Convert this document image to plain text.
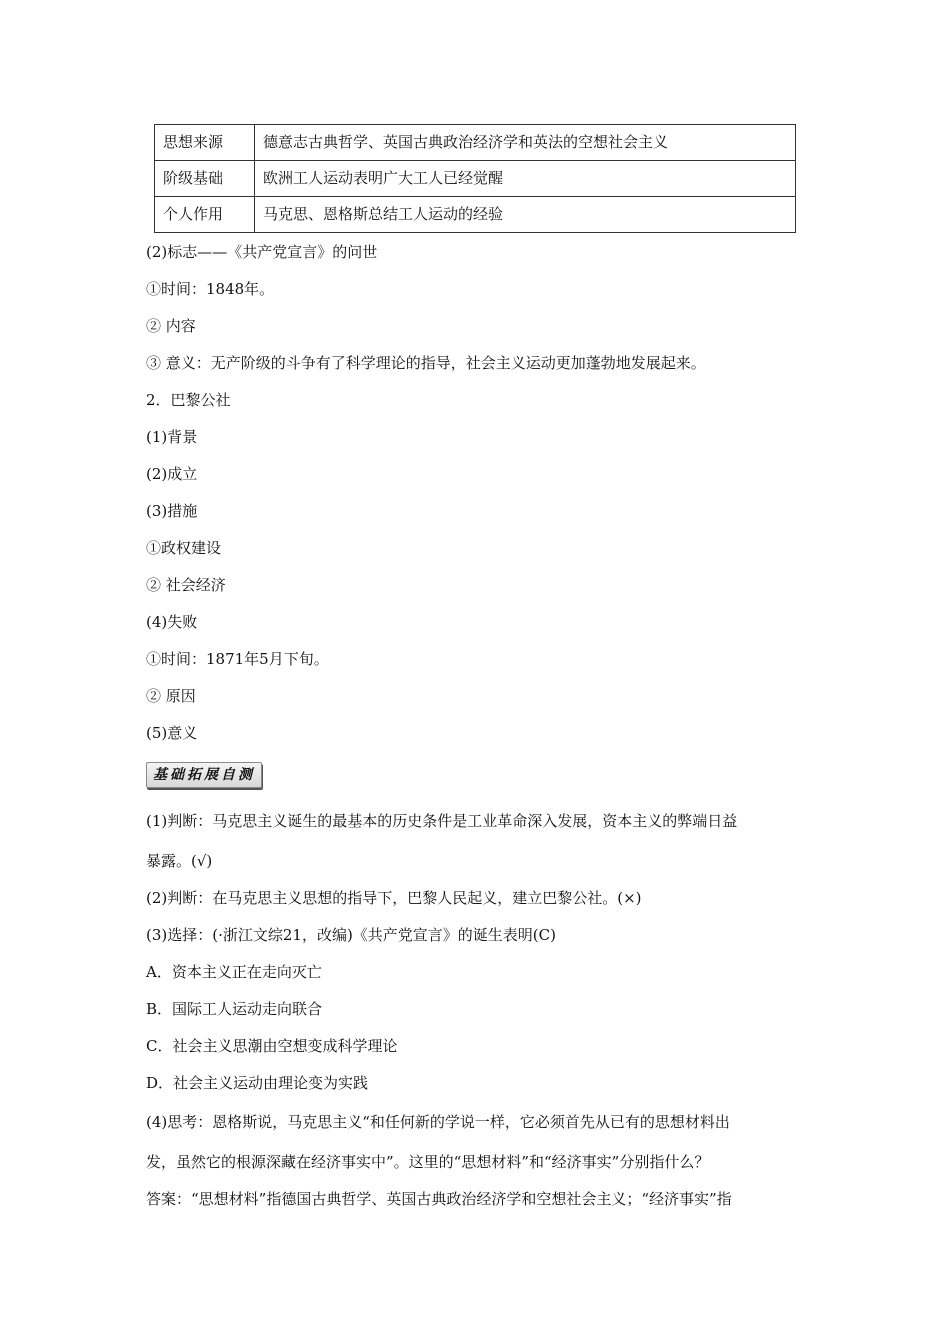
思想来源	德意志古典哲学、英国古典政治经济学和英法的空想社会主义
阶级基础	欧洲工人运动表明广大工人已经觉醒
个人作用	马克思、恩格斯总结工人运动的经验
(2)标志——《共产党宣言》的问世
①时间：1848年。
② 内容
③ 意义：无产阶级的斗争有了科学理论的指导，社会主义运动更加蓬勃地发展起来。
2．巴黎公社
(1)背景
(2)成立
(3)措施
①政权建设
② 社会经济
(4)失败
①时间：1871年5月下旬。
② 原因
(5)意义
基础拓展自测
(1)判断：马克思主义诞生的最基本的历史条件是工业革命深入发展，资本主义的弊端日益
暴露。(√)
(2)判断：在马克思主义思想的指导下，巴黎人民起义，建立巴黎公社。(×)
(3)选择：(·浙江文综21，改编)《共产党宣言》的诞生表明(C)
A．资本主义正在走向灭亡
B．国际工人运动走向联合
C．社会主义思潮由空想变成科学理论
D．社会主义运动由理论变为实践
(4)思考：恩格斯说，马克思主义“和任何新的学说一样，它必须首先从已有的思想材料出
发，虽然它的根源深藏在经济事实中”。这里的“思想材料”和“经济事实”分别指什么？
答案：“思想材料”指德国古典哲学、英国古典政治经济学和空想社会主义；“经济事实”指
